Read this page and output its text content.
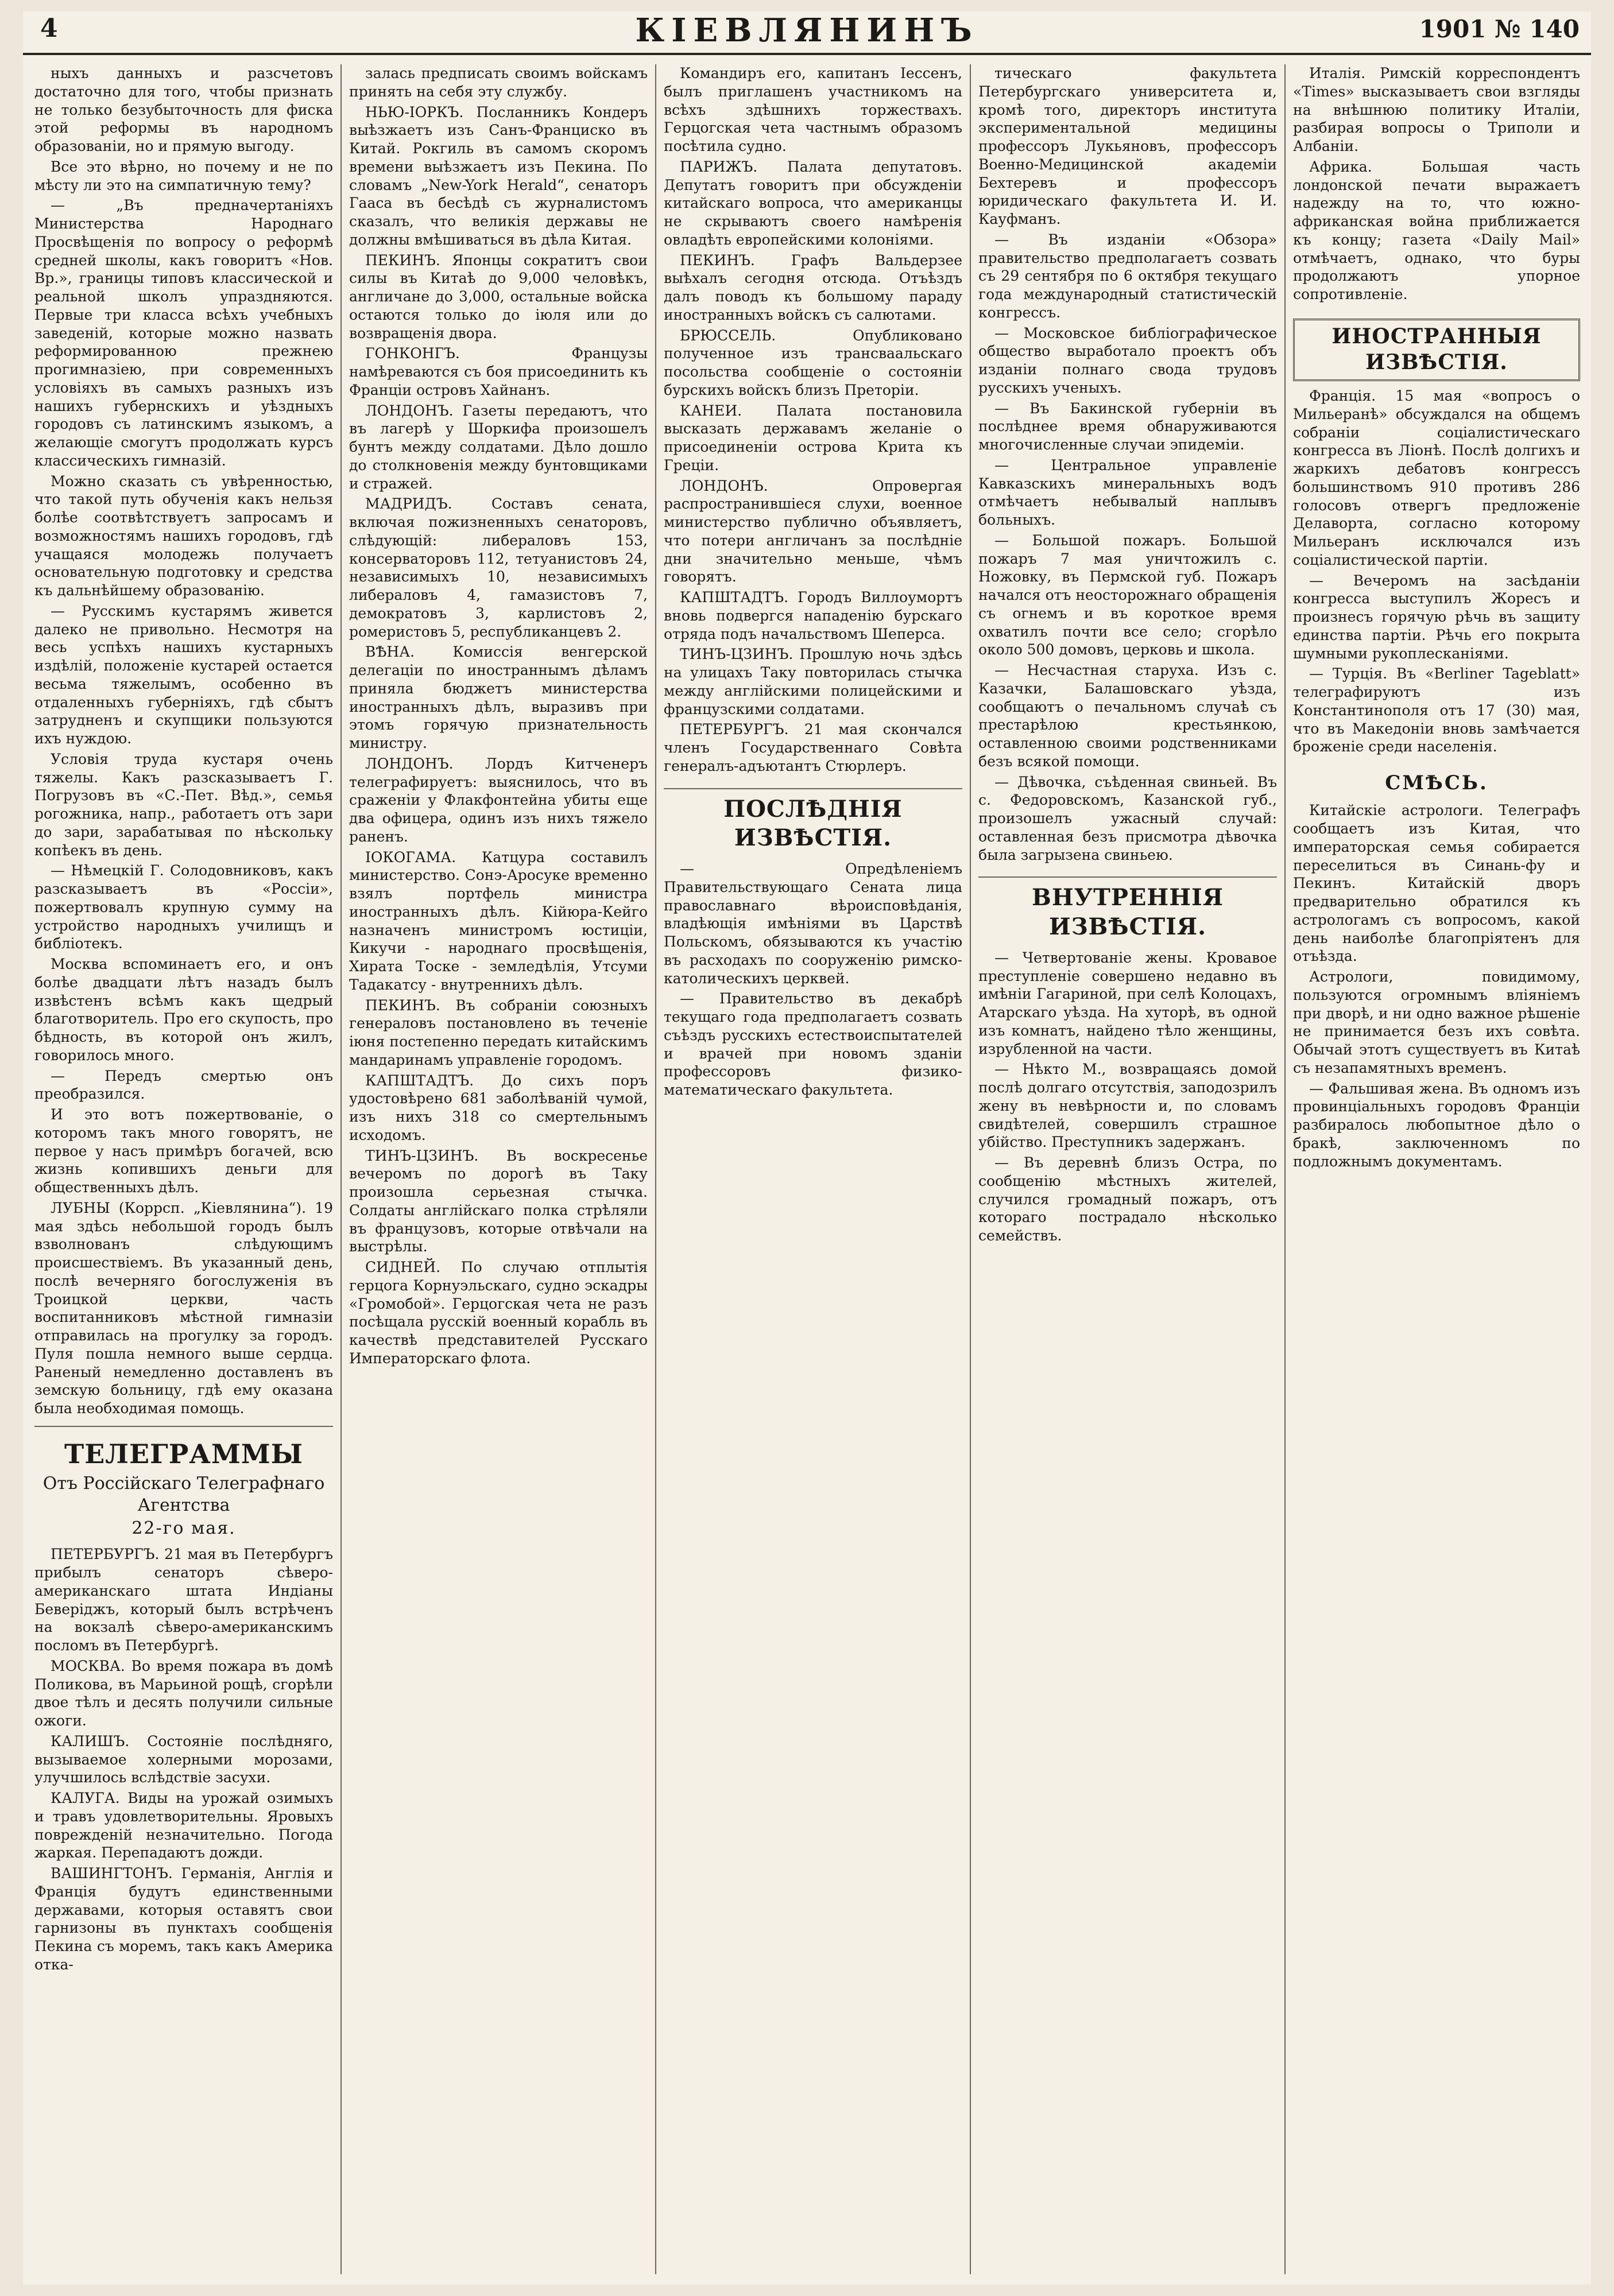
4	КІЕВЛЯНИНЪ	1901 № 140

ныхъ данныхъ и разсчетовъ достаточно для того, чтобы признать не только безубыточность для фиска этой реформы въ народномъ образованіи, но и прямую выгоду.

Все это вѣрно, но почему и не по мѣсту ли это на симпатичную тему?

— „Въ предначертаніяхъ Министерства Народнаго Просвѣщенія по вопросу о реформѣ средней школы, какъ говоритъ «Нов. Вр.», границы типовъ классической и реальной школъ упраздняются. Первые три класса всѣхъ учебныхъ заведеній, которые можно назвать реформированною прежнею прогимназіею, при современныхъ условіяхъ въ самыхъ разныхъ изъ нашихъ губернскихъ и уѣздныхъ городовъ съ латинскимъ языкомъ, а желающіе смогутъ продолжать курсъ классическихъ гимназій.

Можно сказать съ увѣренностью, что такой путь обученія какъ нельзя болѣе соотвѣтствуетъ запросамъ и возможностямъ нашихъ городовъ, гдѣ учащаяся молодежь получаетъ основательную подготовку и средства къ дальнѣйшему образованію.

— Русскимъ кустарямъ живется далеко не привольно. Несмотря на весь успѣхъ нашихъ кустарныхъ издѣлій, положеніе кустарей остается весьма тяжелымъ, особенно въ отдаленныхъ губерніяхъ, гдѣ сбытъ затрудненъ и скупщики пользуются ихъ нуждою.

Условія труда кустаря очень тяжелы. Какъ разсказываетъ Г. Погрузовъ въ «С.-Пет. Вѣд.», семья рогожника, напр., работаетъ отъ зари до зари, зарабатывая по нѣскольку копѣекъ въ день.

— Нѣмецкій Г. Солодовниковъ, какъ разсказываетъ въ «Россіи», пожертвовалъ крупную сумму на устройство народныхъ училищъ и библіотекъ.

Москва вспоминаетъ его, и онъ болѣе двадцати лѣтъ назадъ былъ извѣстенъ всѣмъ какъ щедрый благотворитель. Про его скупость, про бѣдность, въ которой онъ жилъ, говорилось много.

— Передъ смертью онъ преобразился.

И это вотъ пожертвованіе, о которомъ такъ много говорятъ, не первое у насъ примѣръ богачей, всю жизнь копившихъ деньги для общественныхъ дѣлъ.

ЛУБНЫ (Коррсп. „Кіевлянина“). 19 мая здѣсь небольшой городъ былъ взволнованъ слѣдующимъ происшествіемъ. Въ указанный день, послѣ вечерняго богослуженія въ Троицкой церкви, часть воспитанниковъ мѣстной гимназіи отправилась на прогулку за городъ. Пуля пошла немного выше сердца. Раненый немедленно доставленъ въ земскую больницу, гдѣ ему оказана была необходимая помощь.

ТЕЛЕГРАММЫ
Отъ Россійскаго Телеграфнаго Агентства
22-го мая.

ПЕТЕРБУРГЪ. 21 мая въ Петербургъ прибылъ сенаторъ сѣверо-американскаго штата Индіаны Беверіджъ, который былъ встрѣченъ на вокзалѣ сѣверо-американскимъ посломъ въ Петербургѣ.

МОСКВА. Во время пожара въ домѣ Поликова, въ Марьиной рощѣ, сгорѣли двое тѣлъ и десять получили сильные ожоги.

КАЛИШЪ. Состояніе послѣдняго, вызываемое холерными морозами, улучшилось вслѣдствіе засухи.

КАЛУГА. Виды на урожай озимыхъ и травъ удовлетворительны. Яровыхъ поврежденій незначительно. Погода жаркая. Перепадаютъ дожди.

ВАШИНГТОНЪ. Германія, Англія и Франція будутъ единственными державами, которыя оставятъ свои гарнизоны въ пунктахъ сообщенія Пекина съ моремъ, такъ какъ Америка отка-

залась предписать своимъ войскамъ принять на себя эту службу.

НЬЮ-ІОРКЪ. Посланникъ Кондеръ выѣзжаетъ изъ Санъ-Франциско въ Китай. Рокгиль въ самомъ скоромъ времени выѣзжаетъ изъ Пекина. По словамъ „New-York Herald“, сенаторъ Гааса въ бесѣдѣ съ журналистомъ сказалъ, что великія державы не должны вмѣшиваться въ дѣла Китая.

ПЕКИНЪ. Японцы сократитъ свои силы въ Китаѣ до 9,000 человѣкъ, англичане до 3,000, остальные войска остаются только до іюля или до возвращенія двора.

ГОНКОНГЪ. Французы намѣреваются съ боя присоединить къ Франціи островъ Хайнанъ.

ЛОНДОНЪ. Газеты передаютъ, что въ лагерѣ у Шоркифа произошелъ бунтъ между солдатами. Дѣло дошло до столкновенія между бунтовщиками и стражей.

МАДРИДЪ. Составъ сената, включая пожизненныхъ сенаторовъ, слѣдующій: либераловъ 153, консерваторовъ 112, тетуанистовъ 24, независимыхъ 10, независимыхъ либераловъ 4, гамазистовъ 7, демократовъ 3, карлистовъ 2, ромеристовъ 5, республиканцевъ 2.

ВѢНА. Комиссія венгерской делегаціи по иностраннымъ дѣламъ приняла бюджетъ министерства иностранныхъ дѣлъ, выразивъ при этомъ горячую признательность министру.

ЛОНДОНЪ. Лордъ Китченеръ телеграфируетъ: выяснилось, что въ сраженіи у Флакфонтейна убиты еще два офицера, одинъ изъ нихъ тяжело раненъ.

ІОКОГАМА. Катцура составилъ министерство. Сонэ-Аросуке временно взялъ портфель министра иностранныхъ дѣлъ. Кійюра-Кейго назначенъ министромъ юстиціи, Кикучи - народнаго просвѣщенія, Хирата Тоске - земледѣлія, Утсуми Тадакатсу - внутреннихъ дѣлъ.

ПЕКИНЪ. Въ собраніи союзныхъ генераловъ постановлено въ теченіе іюня постепенно передать китайскимъ мандаринамъ управленіе городомъ.

КАПШТАДТЪ. До сихъ поръ удостовѣрено 681 заболѣваній чумой, изъ нихъ 318 со смертельнымъ исходомъ.

ТИНЪ-ЦЗИНЪ. Въ воскресенье вечеромъ по дорогѣ въ Таку произошла серьезная стычка. Солдаты англійскаго полка стрѣляли въ французовъ, которые отвѣчали на выстрѣлы.

СИДНЕЙ. По случаю отплытія герцога Корнуэльскаго, судно эскадры «Громобой». Герцогская чета не разъ посѣщала русскій военный корабль въ качествѣ представителей Русскаго Императорскаго флота.

Командиръ его, капитанъ Іессенъ, былъ приглашенъ участникомъ на всѣхъ здѣшнихъ торжествахъ. Герцогская чета частнымъ образомъ посѣтила судно.

ПАРИЖЪ. Палата депутатовъ. Депутатъ говоритъ при обсужденіи китайскаго вопроса, что американцы не скрываютъ своего намѣренія овладѣть европейскими колоніями.

ПЕКИНЪ. Графъ Вальдерзее выѣхалъ сегодня отсюда. Отъѣздъ далъ поводъ къ большому параду иностранныхъ войскъ съ салютами.

БРЮССЕЛЬ. Опубликовано полученное изъ трансваальскаго посольства сообщеніе о состояніи бурскихъ войскъ близъ Преторіи.

КАНЕИ. Палата постановила высказать державамъ желаніе о присоединеніи острова Крита къ Греціи.

ЛОНДОНЪ. Опровергая распространившіеся слухи, военное министерство публично объявляетъ, что потери англичанъ за послѣдніе дни значительно меньше, чѣмъ говорятъ.

КАПШТАДТЪ. Городъ Виллоумортъ вновь подвергся нападенію бурскаго отряда подъ начальствомъ Шеперса.

ТИНЪ-ЦЗИНЪ. Прошлую ночь здѣсь на улицахъ Таку повторилась стычка между англійскими полицейскими и французскими солдатами.

ПЕТЕРБУРГЪ. 21 мая скончался членъ Государственнаго Совѣта генералъ-адъютантъ Стюрлеръ.

ПОСЛѢДНІЯ ИЗВѢСТІЯ.

— Опредѣленіемъ Правительствующаго Сената лица православнаго вѣроисповѣданія, владѣющія имѣніями въ Царствѣ Польскомъ, обязываются къ участію въ расходахъ по сооруженію римско-католическихъ церквей.

— Правительство въ декабрѣ текущаго года предполагаетъ созвать съѣздъ русскихъ естествоиспытателей и врачей при новомъ зданіи профессоровъ физико-математическаго факультета.

тическаго факультета Петербургскаго университета и, кромѣ того, директоръ института экспериментальной медицины профессоръ Лукьяновъ, профессоръ Военно-Медицинской академіи Бехтеревъ и профессоръ юридическаго факультета И. И. Кауфманъ.

— Въ изданіи «Обзора» правительство предполагаетъ созвать съ 29 сентября по 6 октября текущаго года международный статистическій конгрессъ.

— Московское библіографическое общество выработало проектъ объ изданіи полнаго свода трудовъ русскихъ ученыхъ.

— Въ Бакинской губерніи въ послѣднее время обнаруживаются многочисленные случаи эпидеміи.

— Центральное управленіе Кавказскихъ минеральныхъ водъ отмѣчаетъ небывалый наплывъ больныхъ.

— Большой пожаръ. Большой пожаръ 7 мая уничтожилъ с. Ножовку, въ Пермской губ. Пожаръ начался отъ неосторожнаго обращенія съ огнемъ и въ короткое время охватилъ почти все село; сгорѣло около 500 домовъ, церковь и школа.

— Несчастная старуха. Изъ с. Казачки, Балашовскаго уѣзда, сообщаютъ о печальномъ случаѣ съ престарѣлою крестьянкою, оставленною своими родственниками безъ всякой помощи.

— Дѣвочка, съѣденная свиньей. Въ с. Федоровскомъ, Казанской губ., произошелъ ужасный случай: оставленная безъ присмотра дѣвочка была загрызена свиньею.

ВНУТРЕННІЯ ИЗВѢСТІЯ.

— Четвертованіе жены. Кровавое преступленіе совершено недавно въ имѣніи Гагариной, при селѣ Колоцахъ, Атарскаго уѣзда. На хуторѣ, въ одной изъ комнатъ, найдено тѣло женщины, изрубленной на части.

— Нѣкто М., возвращаясь домой послѣ долгаго отсутствія, заподозрилъ жену въ невѣрности и, по словамъ свидѣтелей, совершилъ страшное убійство. Преступникъ задержанъ.

— Въ деревнѣ близъ Остра, по сообщенію мѣстныхъ жителей, случился громадный пожаръ, отъ котораго пострадало нѣсколько семействъ.

Италія. Римскій корреспондентъ «Times» высказываетъ свои взгляды на внѣшнюю политику Италіи, разбирая вопросы о Триполи и Албаніи.

Африка. Большая часть лондонской печати выражаетъ надежду на то, что южно-африканская война приближается къ концу; газета «Daily Mail» отмѣчаетъ, однако, что буры продолжаютъ упорное сопротивленіе.

ИНОСТРАННЫЯ ИЗВѢСТІЯ.

Франція. 15 мая «вопросъ о Мильеранѣ» обсуждался на общемъ собраніи соціалистическаго конгресса въ Ліонѣ. Послѣ долгихъ и жаркихъ дебатовъ конгрессъ большинствомъ 910 противъ 286 голосовъ отвергъ предложеніе Делаворта, согласно которому Мильеранъ исключался изъ соціалистической партіи.

— Вечеромъ на засѣданіи конгресса выступилъ Жоресъ и произнесъ горячую рѣчь въ защиту единства партіи. Рѣчь его покрыта шумными рукоплесканіями.

— Турція. Въ «Berliner Tageblatt» телеграфируютъ изъ Константинополя отъ 17 (30) мая, что въ Македоніи вновь замѣчается броженіе среди населенія.

СМѢСЬ.

Китайскіе астрологи. Телеграфъ сообщаетъ изъ Китая, что императорская семья собирается переселиться въ Синань-фу и Пекинъ. Китайскій дворъ предварительно обратился къ астрологамъ съ вопросомъ, какой день наиболѣе благопріятенъ для отъѣзда.

Астрологи, повидимому, пользуются огромнымъ вліяніемъ при дворѣ, и ни одно важное рѣшеніе не принимается безъ ихъ совѣта. Обычай этотъ существуетъ въ Китаѣ съ незапамятныхъ временъ.

— Фальшивая жена. Въ одномъ изъ провинціальныхъ городовъ Франціи разбиралось любопытное дѣло о бракѣ, заключенномъ по подложнымъ документамъ.
